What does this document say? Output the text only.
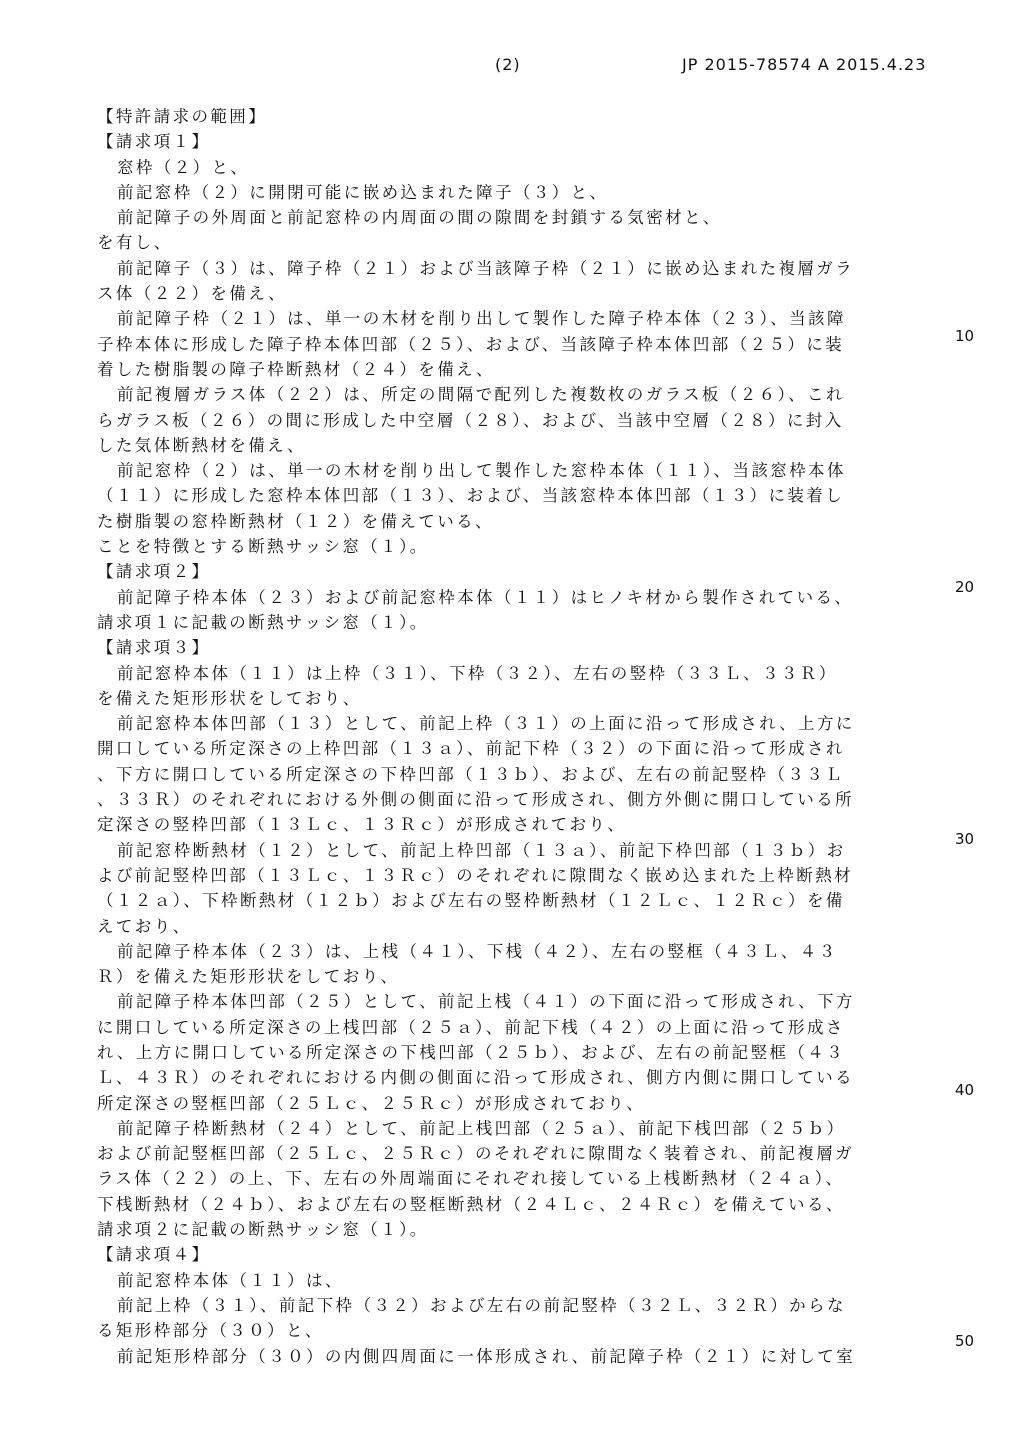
(2)	JP 2015-78574 A 2015.4.23
【特許請求の範囲】
【請求項１】
窓枠（２）と、
前記窓枠（２）に開閉可能に嵌め込まれた障子（３）と、
前記障子の外周面と前記窓枠の内周面の間の隙間を封鎖する気密材と、
を有し、
前記障子（３）は、障子枠（２１）および当該障子枠（２１）に嵌め込まれた複層ガラ
ス体（２２）を備え、
前記障子枠（２１）は、単一の木材を削り出して製作した障子枠本体（２３）、当該障
子枠本体に形成した障子枠本体凹部（２５）、および、当該障子枠本体凹部（２５）に装
着した樹脂製の障子枠断熱材（２４）を備え、
前記複層ガラス体（２２）は、所定の間隔で配列した複数枚のガラス板（２６）、これ
らガラス板（２６）の間に形成した中空層（２８）、および、当該中空層（２８）に封入
した気体断熱材を備え、
前記窓枠（２）は、単一の木材を削り出して製作した窓枠本体（１１）、当該窓枠本体
（１１）に形成した窓枠本体凹部（１３）、および、当該窓枠本体凹部（１３）に装着し
た樹脂製の窓枠断熱材（１２）を備えている、
ことを特徴とする断熱サッシ窓（１）。
【請求項２】
前記障子枠本体（２３）および前記窓枠本体（１１）はヒノキ材から製作されている、
請求項１に記載の断熱サッシ窓（１）。
【請求項３】
前記窓枠本体（１１）は上枠（３１）、下枠（３２）、左右の竪枠（３３Ｌ、３３Ｒ）
を備えた矩形形状をしており、
前記窓枠本体凹部（１３）として、前記上枠（３１）の上面に沿って形成され、上方に
開口している所定深さの上枠凹部（１３ａ）、前記下枠（３２）の下面に沿って形成され
、下方に開口している所定深さの下枠凹部（１３ｂ）、および、左右の前記竪枠（３３Ｌ
、３３Ｒ）のそれぞれにおける外側の側面に沿って形成され、側方外側に開口している所
定深さの竪枠凹部（１３Ｌｃ、１３Ｒｃ）が形成されており、
前記窓枠断熱材（１２）として、前記上枠凹部（１３ａ）、前記下枠凹部（１３ｂ）お
よび前記竪枠凹部（１３Ｌｃ、１３Ｒｃ）のそれぞれに隙間なく嵌め込まれた上枠断熱材
（１２ａ）、下枠断熱材（１２ｂ）および左右の竪枠断熱材（１２Ｌｃ、１２Ｒｃ）を備
えており、
前記障子枠本体（２３）は、上桟（４１）、下桟（４２）、左右の竪框（４３Ｌ、４３
Ｒ）を備えた矩形形状をしており、
前記障子枠本体凹部（２５）として、前記上桟（４１）の下面に沿って形成され、下方
に開口している所定深さの上桟凹部（２５ａ）、前記下桟（４２）の上面に沿って形成さ
れ、上方に開口している所定深さの下桟凹部（２５ｂ）、および、左右の前記竪框（４３
Ｌ、４３Ｒ）のそれぞれにおける内側の側面に沿って形成され、側方内側に開口している
所定深さの竪框凹部（２５Ｌｃ、２５Ｒｃ）が形成されており、
前記障子枠断熱材（２４）として、前記上桟凹部（２５ａ）、前記下桟凹部（２５ｂ）
および前記竪框凹部（２５Ｌｃ、２５Ｒｃ）のそれぞれに隙間なく装着され、前記複層ガ
ラス体（２２）の上、下、左右の外周端面にそれぞれ接している上桟断熱材（２４ａ）、
下桟断熱材（２４ｂ）、および左右の竪框断熱材（２４Ｌｃ、２４Ｒｃ）を備えている、
請求項２に記載の断熱サッシ窓（１）。
【請求項４】
前記窓枠本体（１１）は、
前記上枠（３１）、前記下枠（３２）および左右の前記竪枠（３２Ｌ、３２Ｒ）からな
る矩形枠部分（３０）と、
前記矩形枠部分（３０）の内側四周面に一体形成され、前記障子枠（２１）に対して室
10
20
30
40
50
